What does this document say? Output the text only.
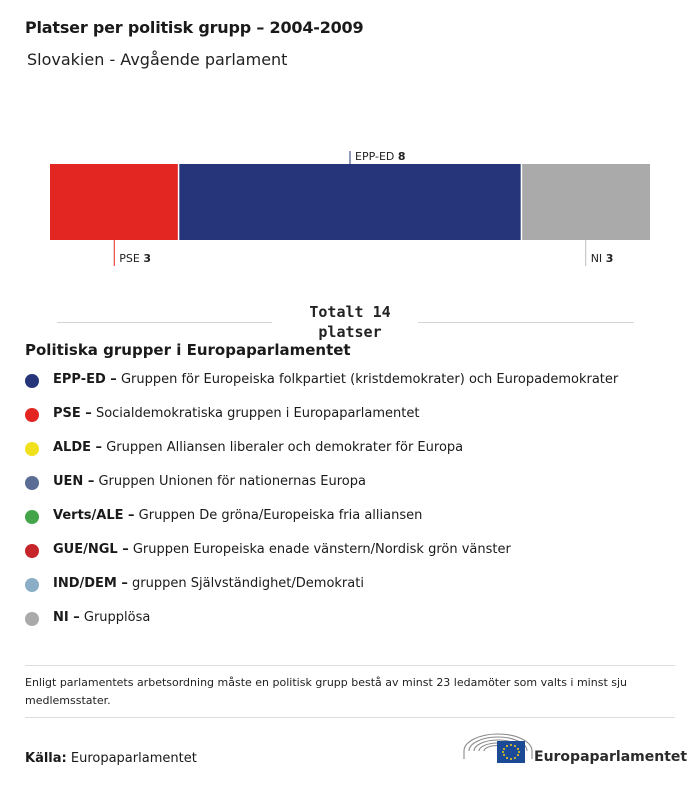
Platser per politisk grupp – 2004-2009
Slovakien - Avgående parlament
PSE 3
EPP-ED 8
NI 3
Totalt 14 platser
Politiska grupper i Europaparlamentet
EPP-ED – Gruppen för Europeiska folkpartiet (kristdemokrater) och Europademokrater
PSE – Socialdemokratiska gruppen i Europaparlamentet
ALDE – Gruppen Alliansen liberaler och demokrater för Europa
UEN – Gruppen Unionen för nationernas Europa
Verts/ALE – Gruppen De gröna/Europeiska fria alliansen
GUE/NGL – Gruppen Europeiska enade vänstern/Nordisk grön vänster
IND/DEM – gruppen Självständighet/Demokrati
NI – Grupplösa
Enligt parlamentets arbetsordning måste en politisk grupp bestå av minst 23 ledamöter som valts i minst sju medlemsstater.
Källa: Europaparlamentet	Europaparlamentet
